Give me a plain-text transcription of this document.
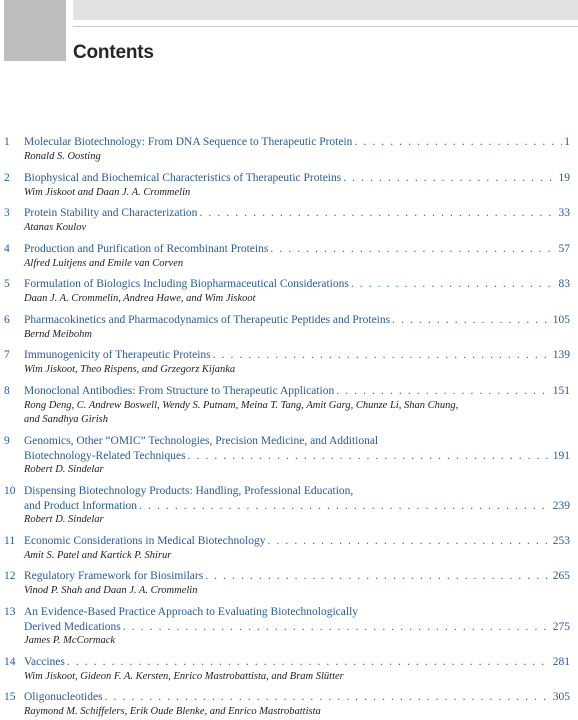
Contents
1 Molecular Biotechnology: From DNA Sequence to Therapeutic Protein . . .	1
Ronald S. Oosting
2 Biophysical and Biochemical Characteristics of Therapeutic Proteins . . .	19
Wim Jiskoot and Daan J. A. Crommelin
3 Protein Stability and Characterization . . .	33
Atanas Koulov
4 Production and Purification of Recombinant Proteins . . .	57
Alfred Luitjens and Emile van Corven
5 Formulation of Biologics Including Biopharmaceutical Considerations . . .	83
Daan J. A. Crommelin, Andrea Hawe, and Wim Jiskoot
6 Pharmacokinetics and Pharmacodynamics of Therapeutic Peptides and Proteins . . .	105
Bernd Meibohm
7 Immunogenicity of Therapeutic Proteins . . .	139
Wim Jiskoot, Theo Rispens, and Grzegorz Kijanka
8 Monoclonal Antibodies: From Structure to Therapeutic Application . . .	151
Rong Deng, C. Andrew Boswell, Wendy S. Putnam, Meina T. Tang, Amit Garg, Chunze Li, Shan Chung,
and Sandhya Girish
9 Genomics, Other “OMIC” Technologies, Precision Medicine, and Additional
Biotechnology-Related Techniques . . .	191
Robert D. Sindelar
10 Dispensing Biotechnology Products: Handling, Professional Education,
and Product Information . . .	239
Robert D. Sindelar
11 Economic Considerations in Medical Biotechnology . . .	253
Amit S. Patel and Kartick P. Shirur
12 Regulatory Framework for Biosimilars . . .	265
Vinod P. Shah and Daan J. A. Crommelin
13 An Evidence-Based Practice Approach to Evaluating Biotechnologically
Derived Medications . . .	275
James P. McCormack
14 Vaccines . . .	281
Wim Jiskoot, Gideon F. A. Kersten, Enrico Mastrobattista, and Bram Slütter
15 Oligonucleotides . . .	305
Raymond M. Schiffelers, Erik Oude Blenke, and Enrico Mastrobattista
